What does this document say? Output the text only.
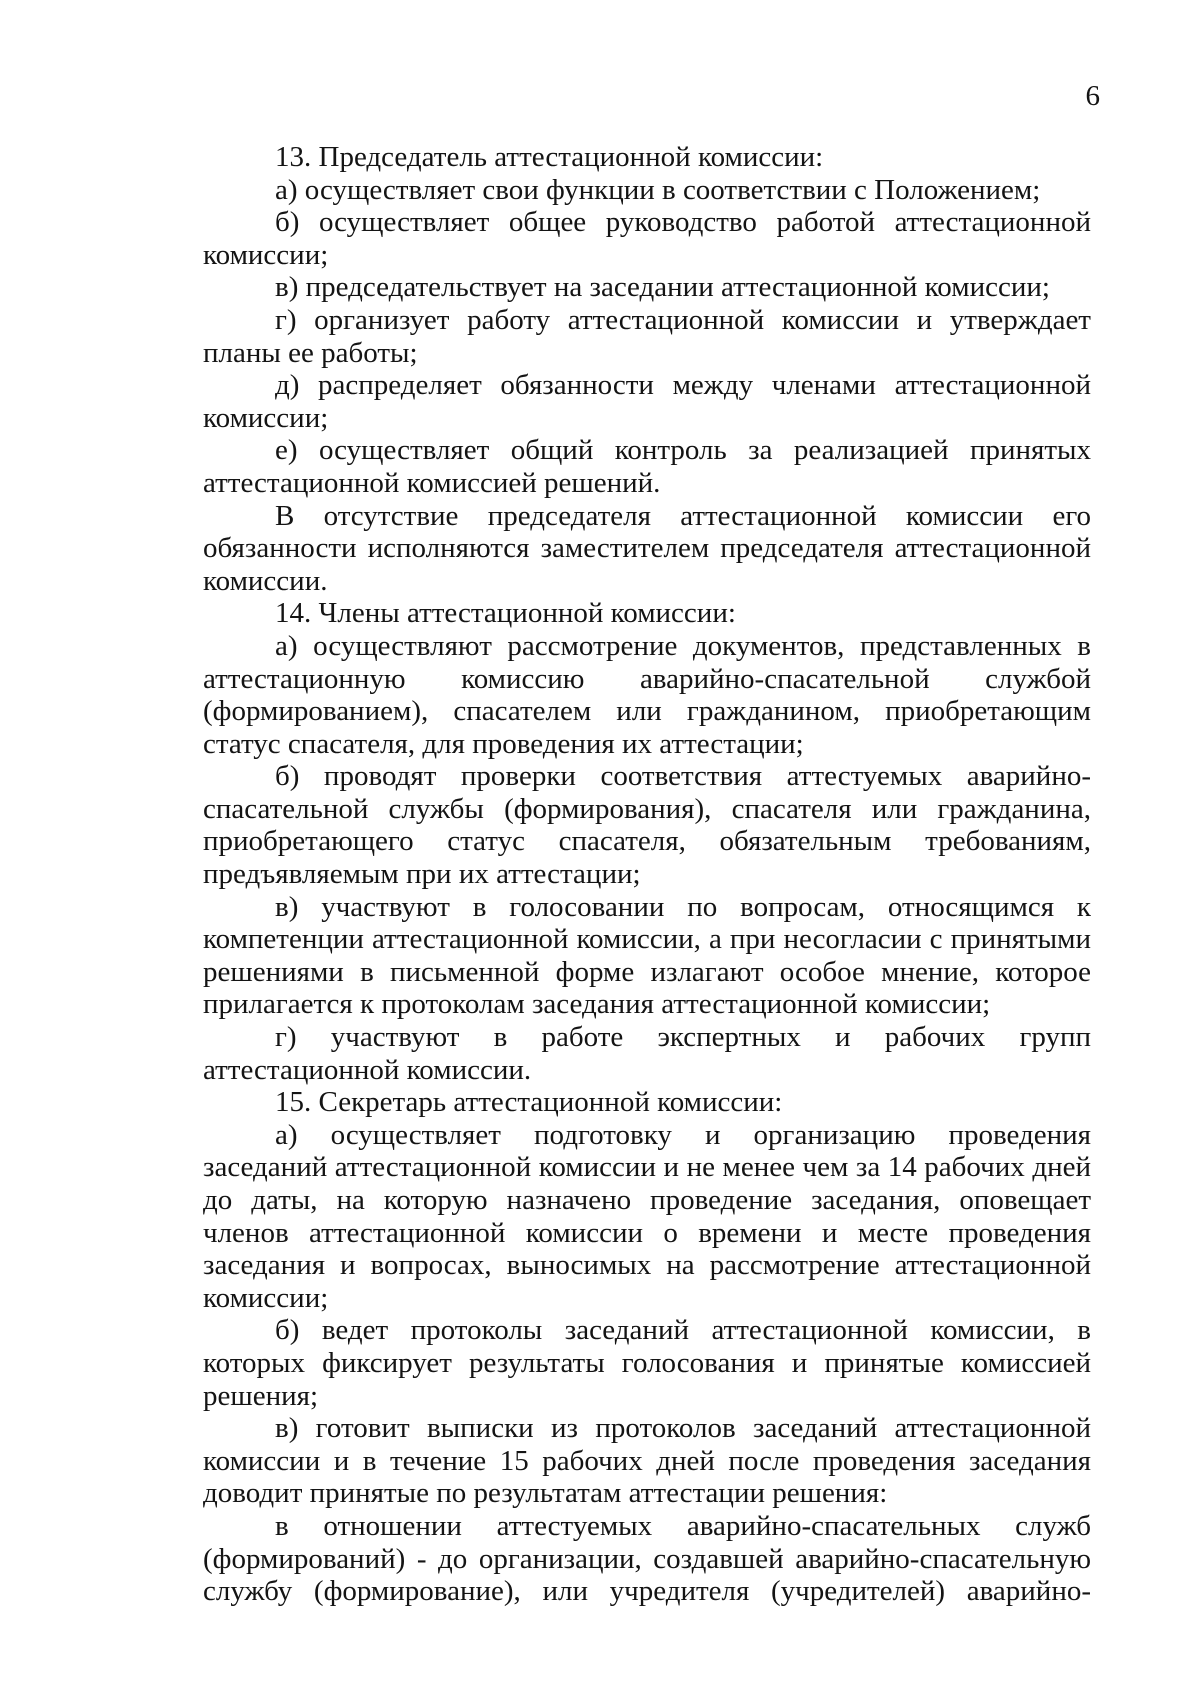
6

13. Председатель аттестационной комиссии:

а) осуществляет свои функции в соответствии с Положением;

б) осуществляет общее руководство работой аттестационной комиссии;

в) председательствует на заседании аттестационной комиссии;

г) организует работу аттестационной комиссии и утверждает планы ее работы;

д) распределяет обязанности между членами аттестационной комиссии;

е) осуществляет общий контроль за реализацией принятых аттестационной комиссией решений.

В отсутствие председателя аттестационной комиссии его обязанности исполняются заместителем председателя аттестационной комиссии.

14. Члены аттестационной комиссии:

а) осуществляют рассмотрение документов, представленных в аттестационную комиссию аварийно-спасательной службой (формированием), спасателем или гражданином, приобретающим статус спасателя, для проведения их аттестации;

б) проводят проверки соответствия аттестуемых аварийно-спасательной службы (формирования), спасателя или гражданина, приобретающего статус спасателя, обязательным требованиям, предъявляемым при их аттестации;

в) участвуют в голосовании по вопросам, относящимся к компетенции аттестационной комиссии, а при несогласии с принятыми решениями в письменной форме излагают особое мнение, которое прилагается к протоколам заседания аттестационной комиссии;

г) участвуют в работе экспертных и рабочих групп аттестационной комиссии.

15. Секретарь аттестационной комиссии:

а) осуществляет подготовку и организацию проведения заседаний аттестационной комиссии и не менее чем за 14 рабочих дней до даты, на которую назначено проведение заседания, оповещает членов аттестационной комиссии о времени и месте проведения заседания и вопросах, выносимых на рассмотрение аттестационной комиссии;

б) ведет протоколы заседаний аттестационной комиссии, в которых фиксирует результаты голосования и принятые комиссией решения;

в) готовит выписки из протоколов заседаний аттестационной комиссии и в течение 15 рабочих дней после проведения заседания доводит принятые по результатам аттестации решения:

в отношении аттестуемых аварийно-спасательных служб (формирований) - до организации, создавшей аварийно-спасательную службу (формирование), или учредителя (учредителей) аварийно-
